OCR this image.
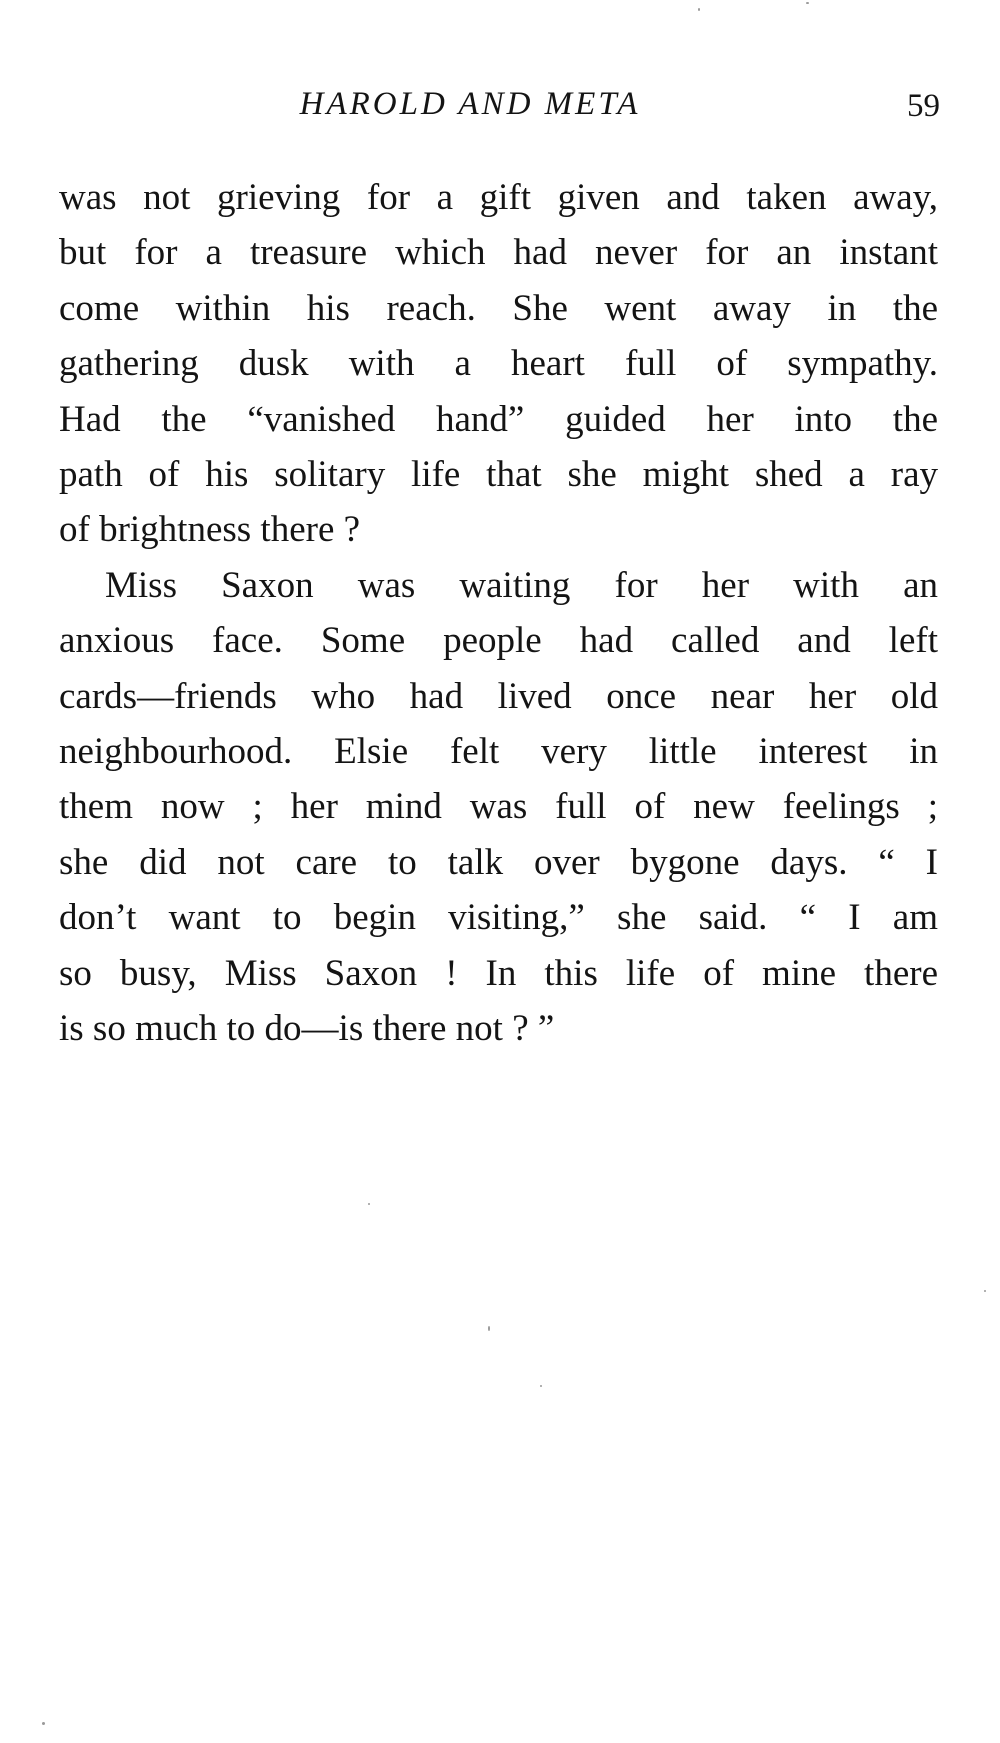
HAROLD AND META	59

was not grieving for a gift given and taken away,
but for a treasure which had never for an instant
come within his reach. She went away in the
gathering dusk with a heart full of sympathy.
Had the “vanished hand” guided her into the
path of his solitary life that she might shed a ray
of brightness there ?

Miss Saxon was waiting for her with an
anxious face. Some people had called and left
cards—friends who had lived once near her old
neighbourhood. Elsie felt very little interest in
them now ; her mind was full of new feelings ;
she did not care to talk over bygone days. “ I
don’t want to begin visiting,” she said. “ I am
so busy, Miss Saxon ! In this life of mine there
is so much to do—is there not ? ”
